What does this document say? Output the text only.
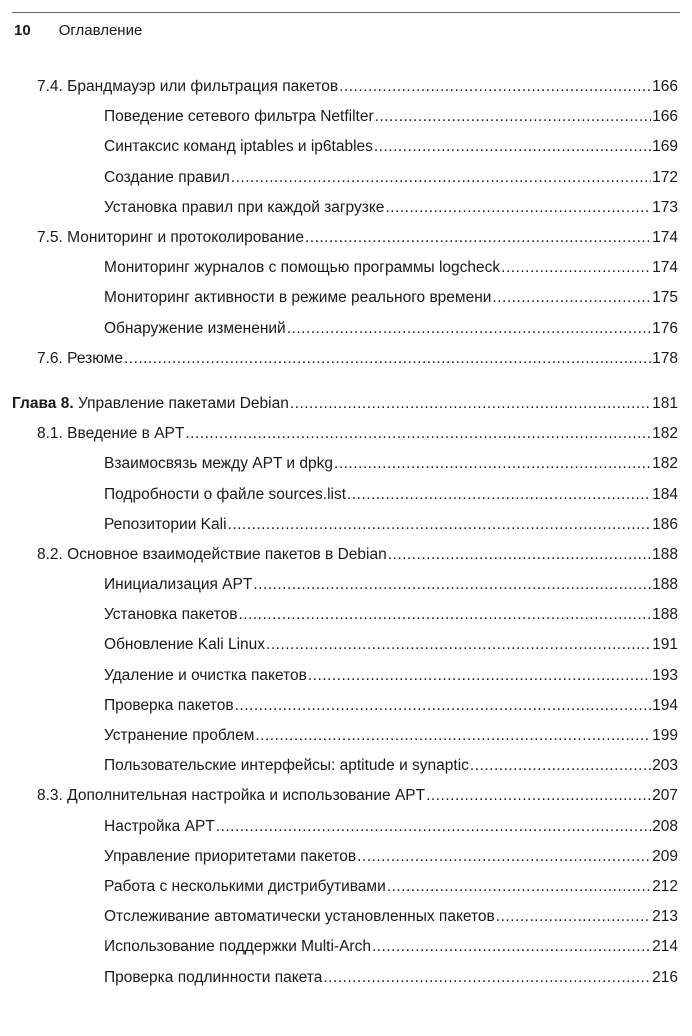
10 Оглавление
7.4. Брандмауэр или фильтрация пакетов .....	166
Поведение сетевого фильтра Netfilter .....	166
Синтаксис команд iptables и ip6tables .....	169
Создание правил .....	172
Установка правил при каждой загрузке .....	173
7.5. Мониторинг и протоколирование .....	174
Мониторинг журналов с помощью программы logcheck .....	174
Мониторинг активности в режиме реального времени .....	175
Обнаружение изменений .....	176
7.6. Резюме .....	178
Глава 8. Управление пакетами Debian .....	181
8.1. Введение в APT .....	182
Взаимосвязь между APT и dpkg .....	182
Подробности о файле sources.list .....	184
Репозитории Kali .....	186
8.2. Основное взаимодействие пакетов в Debian .....	188
Инициализация APT .....	188
Установка пакетов .....	188
Обновление Kali Linux .....	191
Удаление и очистка пакетов .....	193
Проверка пакетов .....	194
Устранение проблем .....	199
Пользовательские интерфейсы: aptitude и synaptic .....	203
8.3. Дополнительная настройка и использование APT .....	207
Настройка APT .....	208
Управление приоритетами пакетов .....	209
Работа с несколькими дистрибутивами .....	212
Отслеживание автоматически установленных пакетов .....	213
Использование поддержки Multi-Arch .....	214
Проверка подлинности пакета .....	216
